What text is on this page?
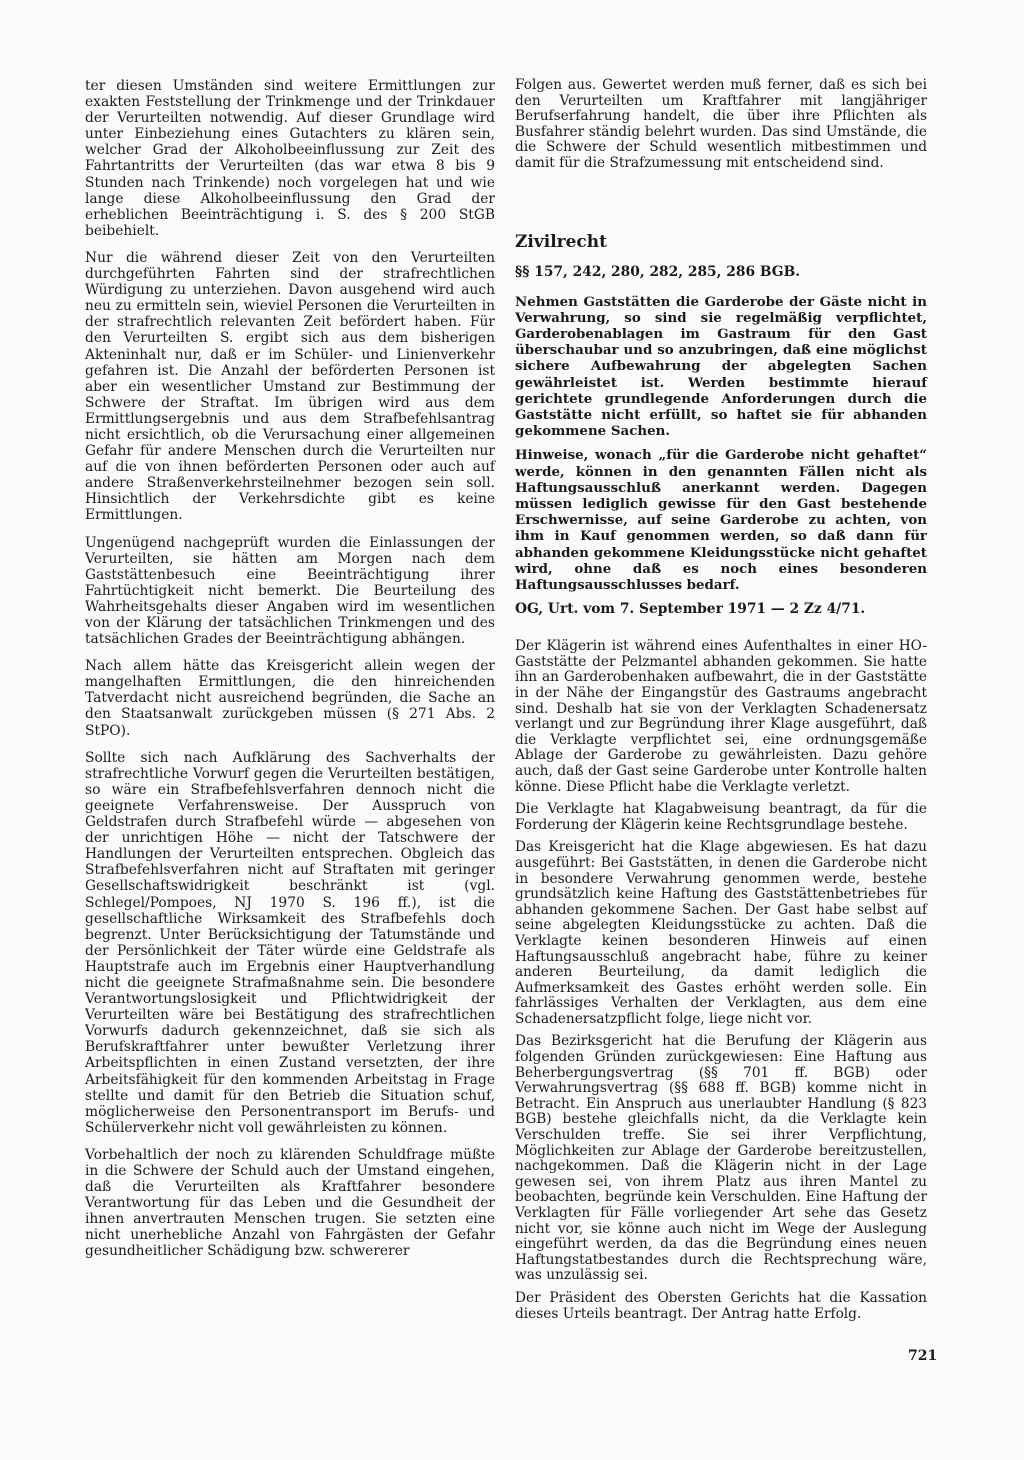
ter diesen Umständen sind weitere Ermittlungen zur exakten Feststellung der Trinkmenge und der Trinkdauer der Verurteilten notwendig. Auf dieser Grundlage wird unter Einbeziehung eines Gutachters zu klären sein, welcher Grad der Alkoholbeeinflussung zur Zeit des Fahrtantritts der Verurteilten (das war etwa 8 bis 9 Stunden nach Trinkende) noch vorgelegen hat und wie lange diese Alkoholbeeinflussung den Grad der erheblichen Beeinträchtigung i. S. des § 200 StGB beibehielt.

Nur die während dieser Zeit von den Verurteilten durchgeführten Fahrten sind der strafrechtlichen Würdigung zu unterziehen. Davon ausgehend wird auch neu zu ermitteln sein, wieviel Personen die Verurteilten in der strafrechtlich relevanten Zeit befördert haben. Für den Verurteilten S. ergibt sich aus dem bisherigen Akteninhalt nur, daß er im Schüler- und Linienverkehr gefahren ist. Die Anzahl der beförderten Personen ist aber ein wesentlicher Umstand zur Bestimmung der Schwere der Straftat. Im übrigen wird aus dem Ermittlungsergebnis und aus dem Strafbefehlsantrag nicht ersichtlich, ob die Verursachung einer allgemeinen Gefahr für andere Menschen durch die Verurteilten nur auf die von ihnen beförderten Personen oder auch auf andere Straßenverkehrsteilnehmer bezogen sein soll. Hinsichtlich der Verkehrsdichte gibt es keine Ermittlungen.

Ungenügend nachgeprüft wurden die Einlassungen der Verurteilten, sie hätten am Morgen nach dem Gaststättenbesuch eine Beeinträchtigung ihrer Fahrtüchtigkeit nicht bemerkt. Die Beurteilung des Wahrheitsgehalts dieser Angaben wird im wesentlichen von der Klärung der tatsächlichen Trinkmengen und des tatsächlichen Grades der Beeinträchtigung abhängen.

Nach allem hätte das Kreisgericht allein wegen der mangelhaften Ermittlungen, die den hinreichenden Tatverdacht nicht ausreichend begründen, die Sache an den Staatsanwalt zurückgeben müssen (§ 271 Abs. 2 StPO).

Sollte sich nach Aufklärung des Sachverhalts der strafrechtliche Vorwurf gegen die Verurteilten bestätigen, so wäre ein Strafbefehlsverfahren dennoch nicht die geeignete Verfahrensweise. Der Ausspruch von Geldstrafen durch Strafbefehl würde — abgesehen von der unrichtigen Höhe — nicht der Tatschwere der Handlungen der Verurteilten entsprechen. Obgleich das Strafbefehlsverfahren nicht auf Straftaten mit geringer Gesellschaftswidrigkeit beschränkt ist (vgl. Schlegel/Pompoes, NJ 1970 S. 196 ff.), ist die gesellschaftliche Wirksamkeit des Strafbefehls doch begrenzt. Unter Berücksichtigung der Tatumstände und der Persönlichkeit der Täter würde eine Geldstrafe als Hauptstrafe auch im Ergebnis einer Hauptverhandlung nicht die geeignete Strafmaßnahme sein. Die besondere Verantwortungslosigkeit und Pflichtwidrigkeit der Verurteilten wäre bei Bestätigung des strafrechtlichen Vorwurfs dadurch gekennzeichnet, daß sie sich als Berufskraftfahrer unter bewußter Verletzung ihrer Arbeitspflichten in einen Zustand versetzten, der ihre Arbeitsfähigkeit für den kommenden Arbeitstag in Frage stellte und damit für den Betrieb die Situation schuf, möglicherweise den Personentransport im Berufs- und Schülerverkehr nicht voll gewährleisten zu können.

Vorbehaltlich der noch zu klärenden Schuldfrage müßte in die Schwere der Schuld auch der Umstand eingehen, daß die Verurteilten als Kraftfahrer besondere Verantwortung für das Leben und die Gesundheit der ihnen anvertrauten Menschen trugen. Sie setzten eine nicht unerhebliche Anzahl von Fahrgästen der Gefahr gesundheitlicher Schädigung bzw. schwererer

Folgen aus. Gewertet werden muß ferner, daß es sich bei den Verurteilten um Kraftfahrer mit langjähriger Berufserfahrung handelt, die über ihre Pflichten als Busfahrer ständig belehrt wurden. Das sind Umstände, die die Schwere der Schuld wesentlich mitbestimmen und damit für die Strafzumessung mit entscheidend sind.

Zivilrecht
§§ 157, 242, 280, 282, 285, 286 BGB.

Nehmen Gaststätten die Garderobe der Gäste nicht in Verwahrung, so sind sie regelmäßig verpflichtet, Garderobenablagen im Gastraum für den Gast überschaubar und so anzubringen, daß eine möglichst sichere Aufbewahrung der abgelegten Sachen gewährleistet ist. Werden bestimmte hierauf gerichtete grundlegende Anforderungen durch die Gaststätte nicht erfüllt, so haftet sie für abhanden gekommene Sachen.

Hinweise, wonach „für die Garderobe nicht gehaftet“ werde, können in den genannten Fällen nicht als Haftungsausschluß anerkannt werden. Dagegen müssen lediglich gewisse für den Gast bestehende Erschwernisse, auf seine Garderobe zu achten, von ihm in Kauf genommen werden, so daß dann für abhanden gekommene Kleidungsstücke nicht gehaftet wird, ohne daß es noch eines besonderen Haftungsausschlusses bedarf.

OG, Urt. vom 7. September 1971 — 2 Zz 4/71.

Der Klägerin ist während eines Aufenthaltes in einer HO-Gaststätte der Pelzmantel abhanden gekommen. Sie hatte ihn an Garderobenhaken aufbewahrt, die in der Gaststätte in der Nähe der Eingangstür des Gastraums angebracht sind. Deshalb hat sie von der Verklagten Schadenersatz verlangt und zur Begründung ihrer Klage ausgeführt, daß die Verklagte verpflichtet sei, eine ordnungsgemäße Ablage der Garderobe zu gewährleisten. Dazu gehöre auch, daß der Gast seine Garderobe unter Kontrolle halten könne. Diese Pflicht habe die Verklagte verletzt.

Die Verklagte hat Klagabweisung beantragt, da für die Forderung der Klägerin keine Rechtsgrundlage bestehe.

Das Kreisgericht hat die Klage abgewiesen. Es hat dazu ausgeführt: Bei Gaststätten, in denen die Garderobe nicht in besondere Verwahrung genommen werde, bestehe grundsätzlich keine Haftung des Gaststättenbetriebes für abhanden gekommene Sachen. Der Gast habe selbst auf seine abgelegten Kleidungsstücke zu achten. Daß die Verklagte keinen besonderen Hinweis auf einen Haftungsausschluß angebracht habe, führe zu keiner anderen Beurteilung, da damit lediglich die Aufmerksamkeit des Gastes erhöht werden solle. Ein fahrlässiges Verhalten der Verklagten, aus dem eine Schadenersatzpflicht folge, liege nicht vor.

Das Bezirksgericht hat die Berufung der Klägerin aus folgenden Gründen zurückgewiesen: Eine Haftung aus Beherbergungsvertrag (§§ 701 ff. BGB) oder Verwahrungsvertrag (§§ 688 ff. BGB) komme nicht in Betracht. Ein Anspruch aus unerlaubter Handlung (§ 823 BGB) bestehe gleichfalls nicht, da die Verklagte kein Verschulden treffe. Sie sei ihrer Verpflichtung, Möglichkeiten zur Ablage der Garderobe bereitzustellen, nachgekommen. Daß die Klägerin nicht in der Lage gewesen sei, von ihrem Platz aus ihren Mantel zu beobachten, begründe kein Verschulden. Eine Haftung der Verklagten für Fälle vorliegender Art sehe das Gesetz nicht vor, sie könne auch nicht im Wege der Auslegung eingeführt werden, da das die Begründung eines neuen Haftungstatbestandes durch die Rechtsprechung wäre, was unzulässig sei.

Der Präsident des Obersten Gerichts hat die Kassation dieses Urteils beantragt. Der Antrag hatte Erfolg.

721
